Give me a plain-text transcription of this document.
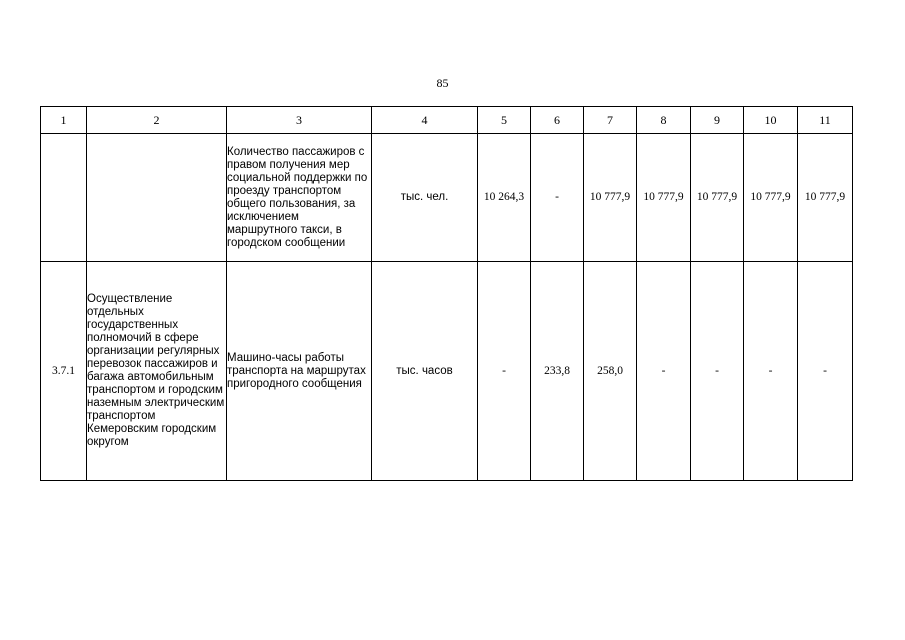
85
1	2	3	4	5	6	7	8	9	10	11
		Количество пассажиров с правом получения мер социальной поддержки по проезду транспортом общего пользования, за исключением маршрутного такси, в городском сообщении	тыс. чел.	10 264,3	-	10 777,9	10 777,9	10 777,9	10 777,9	10 777,9
3.7.1	Осуществление отдельных государственных полномочий в сфере организации регулярных перевозок пассажиров и багажа автомобильным транспортом и городским наземным электрическим транспортом Кемеровским городским округом	Машино-часы работы транспорта на маршрутах пригородного сообщения	тыс. часов	-	233,8	258,0	-	-	-	-
